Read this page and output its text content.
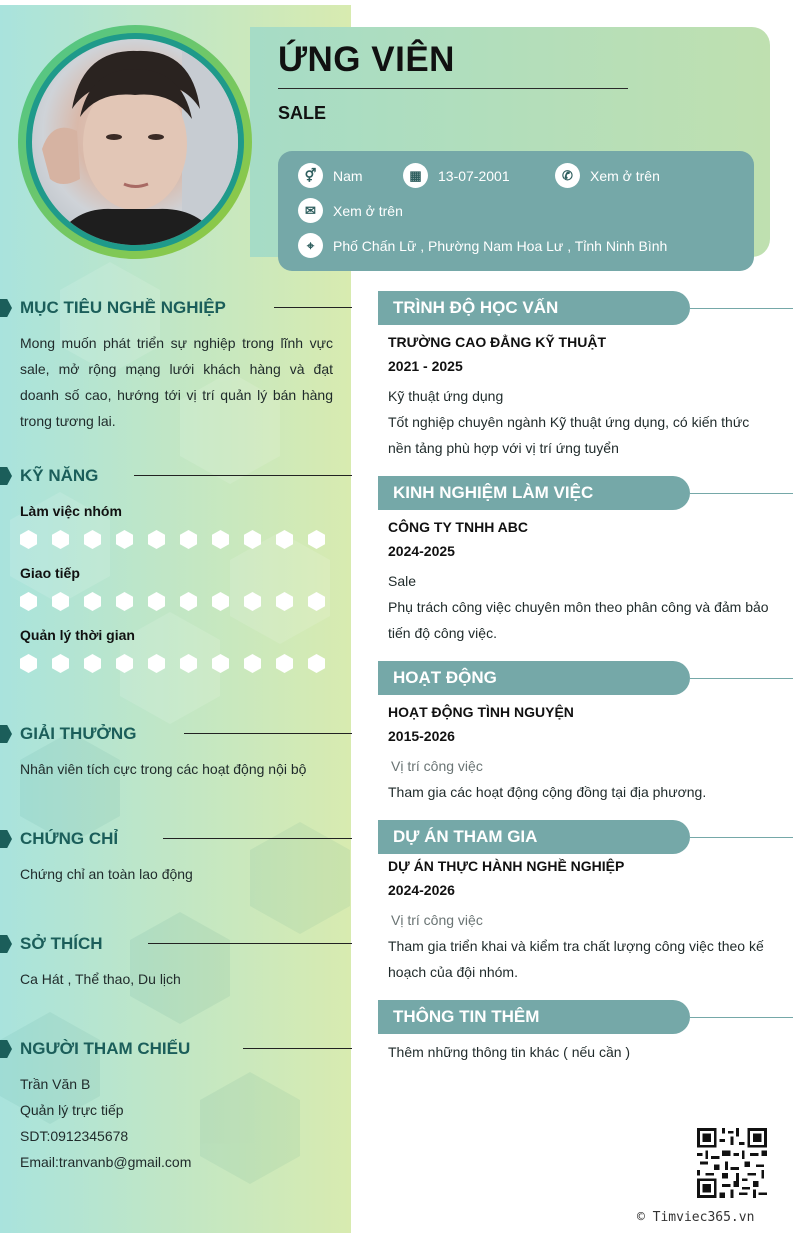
ỨNG VIÊN
SALE
⚥	Nam	▦	13-07-2001	✆	Xem ở trên
✉	Xem ở trên
⌖	Phố Chấn Lữ , Phường Nam Hoa Lư , Tỉnh Ninh Bình
MỤC TIÊU NGHỀ NGHIỆP
Mong muốn phát triển sự nghiệp trong lĩnh vực sale, mở rộng mạng lưới khách hàng và đạt doanh số cao, hướng tới vị trí quản lý bán hàng trong tương lai.
KỸ NĂNG
Làm việc nhóm
Giao tiếp
Quản lý thời gian
GIẢI THƯỞNG
Nhân viên tích cực trong các hoạt động nội bộ
CHỨNG CHỈ
Chứng chỉ an toàn lao động
SỞ THÍCH
Ca Hát , Thể thao, Du lịch
NGƯỜI THAM CHIẾU
Trần Văn B
Quản lý trực tiếp
SDT:0912345678
Email:tranvanb@gmail.com
TRÌNH ĐỘ HỌC VẤN
TRƯỜNG CAO ĐẲNG KỸ THUẬT
2021 - 2025
Kỹ thuật ứng dụng
Tốt nghiệp chuyên ngành Kỹ thuật ứng dụng, có kiến thức nền tảng phù hợp với vị trí ứng tuyển
KINH NGHIỆM LÀM VIỆC
CÔNG TY TNHH ABC
2024-2025
Sale
Phụ trách công việc chuyên môn theo phân công và đảm bảo tiến độ công việc.
HOẠT ĐỘNG
HOẠT ĐỘNG TÌNH NGUYỆN
2015-2026
Vị trí công việc
Tham gia các hoạt động cộng đồng tại địa phương.
DỰ ÁN THAM GIA
DỰ ÁN THỰC HÀNH NGHỀ NGHIỆP
2024-2026
Vị trí công việc
Tham gia triển khai và kiểm tra chất lượng công việc theo kế hoạch của đội nhóm.
THÔNG TIN THÊM
Thêm những thông tin khác ( nếu cần )
© Timviec365.vn
